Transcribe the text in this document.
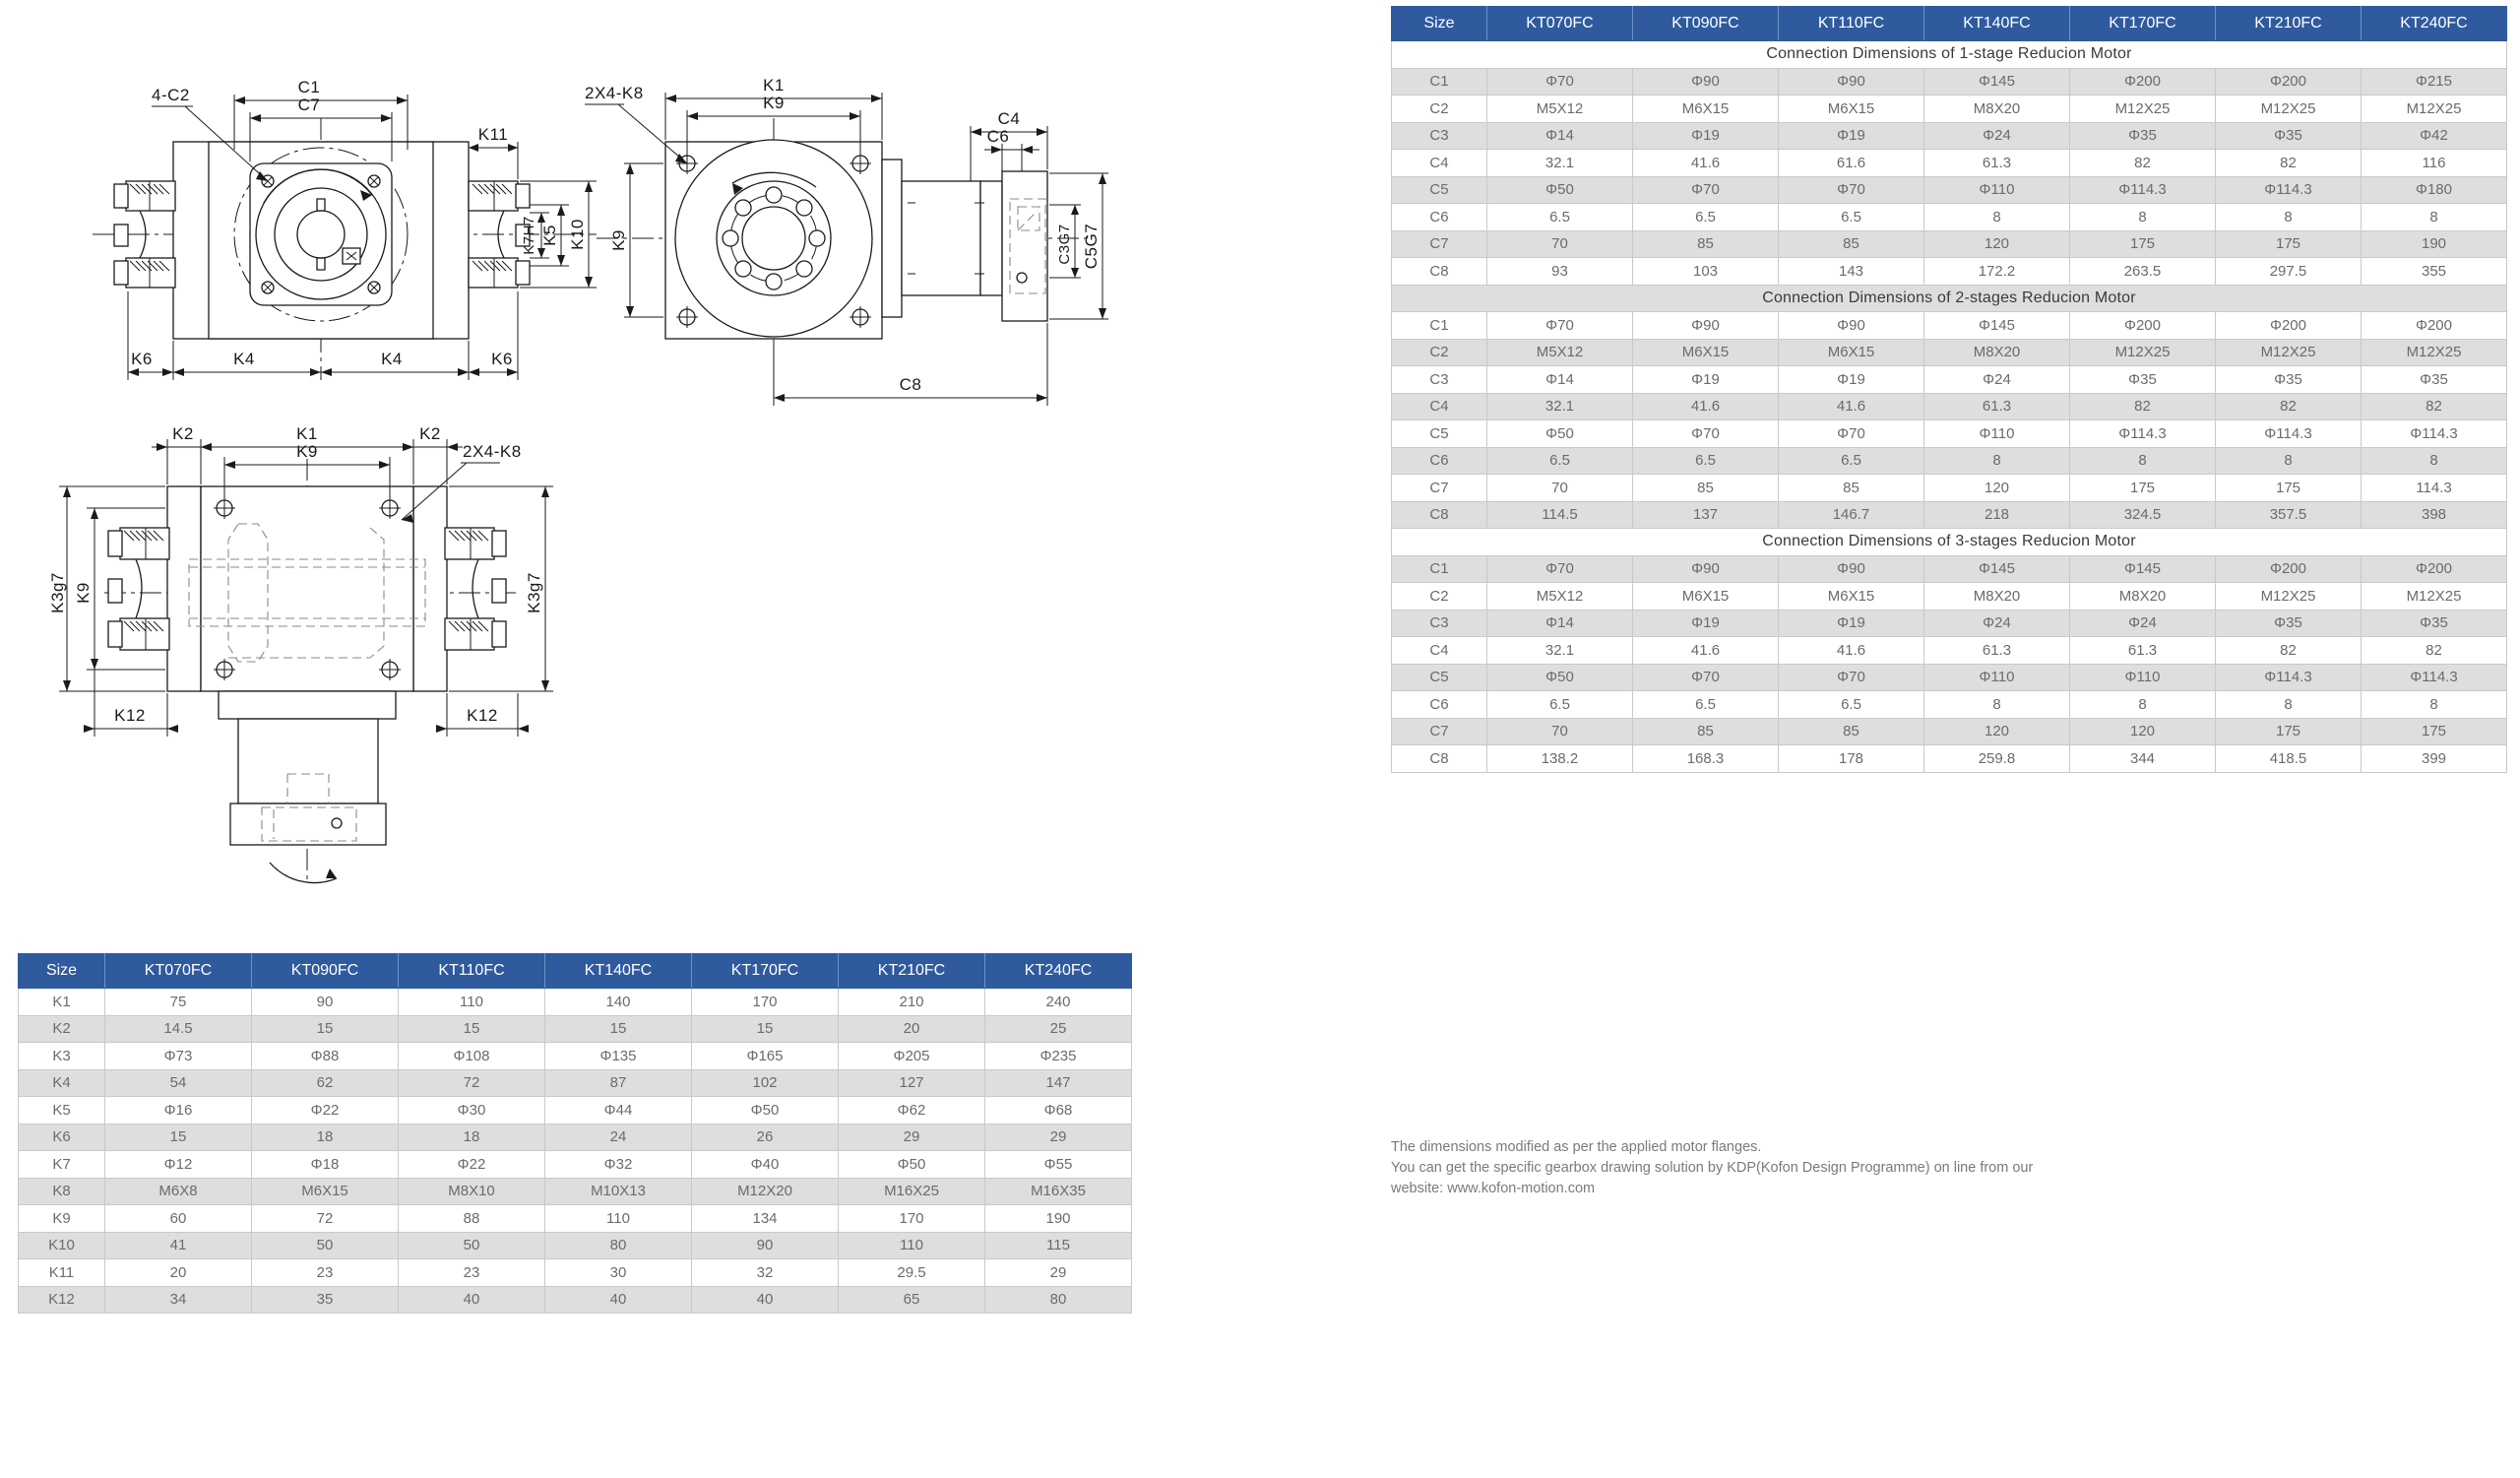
C1
C7
4-C2
K11
K10
K5
K7H7
K6	K4	K4	K6
K1
K9
2X4-K8
K9
C4
C6
C5G7
C3G7
C8
K1
K2	K2
K9	2X4-K8
K3g7 K9	K3g7
K12	K12
Size	KT070FC	KT090FC	KT110FC	KT140FC	KT170FC	KT210FC	KT240FC
Connection Dimensions of 1-stage Reducion Motor							
C1	Φ70	Φ90	Φ90	Φ145	Φ200	Φ200	Φ215
C2	M5X12	M6X15	M6X15	M8X20	M12X25	M12X25	M12X25
C3	Φ14	Φ19	Φ19	Φ24	Φ35	Φ35	Φ42
C4	32.1	41.6	61.6	61.3	82	82	116
C5	Φ50	Φ70	Φ70	Φ110	Φ114.3	Φ114.3	Φ180
C6	6.5	6.5	6.5	8	8	8	8
C7	70	85	85	120	175	175	190
C8	93	103	143	172.2	263.5	297.5	355
Connection Dimensions of 2-stages Reducion Motor							
C1	Φ70	Φ90	Φ90	Φ145	Φ200	Φ200	Φ200
C2	M5X12	M6X15	M6X15	M8X20	M12X25	M12X25	M12X25
C3	Φ14	Φ19	Φ19	Φ24	Φ35	Φ35	Φ35
C4	32.1	41.6	41.6	61.3	82	82	82
C5	Φ50	Φ70	Φ70	Φ110	Φ114.3	Φ114.3	Φ114.3
C6	6.5	6.5	6.5	8	8	8	8
C7	70	85	85	120	175	175	114.3
C8	114.5	137	146.7	218	324.5	357.5	398
Connection Dimensions of 3-stages Reducion Motor							
C1	Φ70	Φ90	Φ90	Φ145	Φ145	Φ200	Φ200
C2	M5X12	M6X15	M6X15	M8X20	M8X20	M12X25	M12X25
C3	Φ14	Φ19	Φ19	Φ24	Φ24	Φ35	Φ35
C4	32.1	41.6	41.6	61.3	61.3	82	82
C5	Φ50	Φ70	Φ70	Φ110	Φ110	Φ114.3	Φ114.3
C6	6.5	6.5	6.5	8	8	8	8
C7	70	85	85	120	120	175	175
C8	138.2	168.3	178	259.8	344	418.5	399
Size	KT070FC	KT090FC	KT110FC	KT140FC	KT170FC	KT210FC	KT240FC
K1	75	90	110	140	170	210	240
K2	14.5	15	15	15	15	20	25
K3	Φ73	Φ88	Φ108	Φ135	Φ165	Φ205	Φ235
K4	54	62	72	87	102	127	147
K5	Φ16	Φ22	Φ30	Φ44	Φ50	Φ62	Φ68
K6	15	18	18	24	26	29	29
K7	Φ12	Φ18	Φ22	Φ32	Φ40	Φ50	Φ55
K8	M6X8	M6X15	M8X10	M10X13	M12X20	M16X25	M16X35
K9	60	72	88	110	134	170	190
K10	41	50	50	80	90	110	115
K11	20	23	23	30	32	29.5	29
K12	34	35	40	40	40	65	80
The dimensions modified as per the applied motor flanges.
You can get the specific gearbox drawing solution by KDP(Kofon Design Programme) on line from our
website: www.kofon-motion.com
